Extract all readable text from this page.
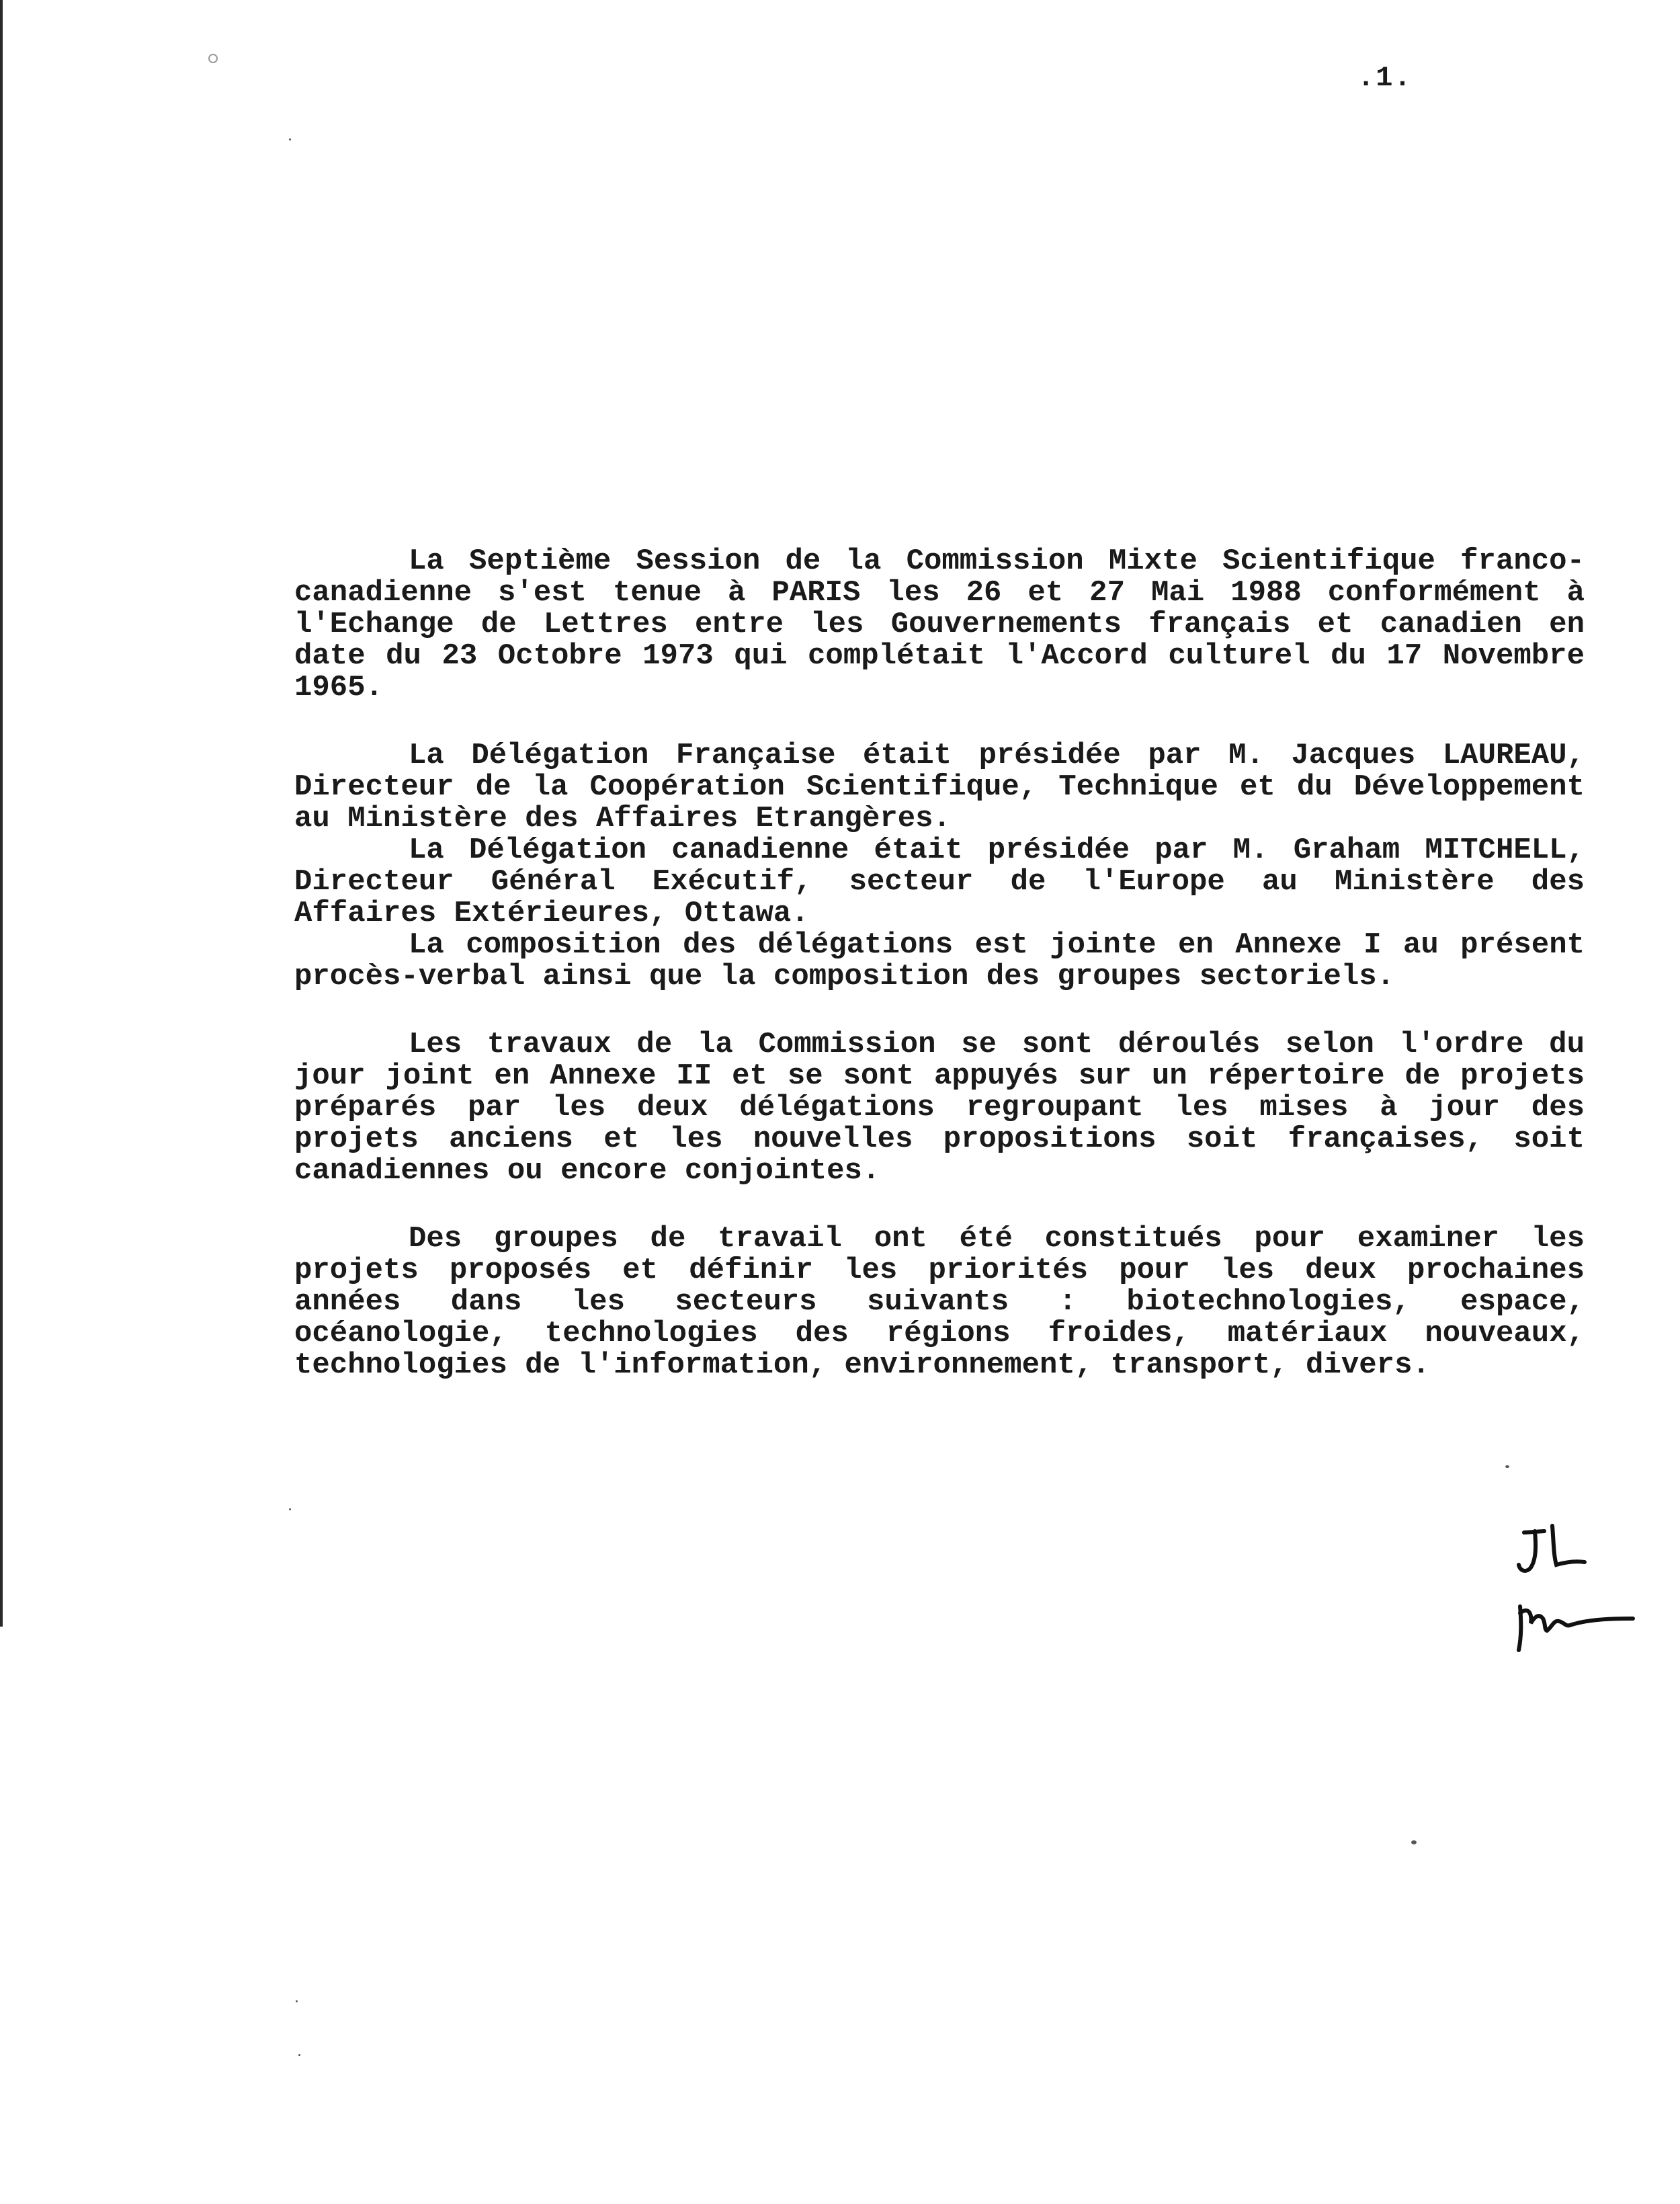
.1.

La Septième Session de la Commission Mixte Scientifique franco-canadienne s'est tenue à PARIS les 26 et 27 Mai 1988 conformément à l'Echange de Lettres entre les Gouvernements français et canadien en date du 23 Octobre 1973 qui complétait l'Accord culturel du 17 Novembre 1965.

La Délégation Française était présidée par M. Jacques LAUREAU, Directeur de la Coopération Scientifique, Technique et du Développement au Ministère des Affaires Etrangères.

La Délégation canadienne était présidée par M. Graham MITCHELL, Directeur Général Exécutif, secteur de l'Europe au Ministère des Affaires Extérieures, Ottawa.

La composition des délégations est jointe en Annexe I au présent procès-verbal ainsi que la composition des groupes sectoriels.

Les travaux de la Commission se sont déroulés selon l'ordre du jour joint en Annexe II et se sont appuyés sur un répertoire de projets préparés par les deux délégations regroupant les mises à jour des projets anciens et les nouvelles propositions soit françaises, soit canadiennes ou encore conjointes.

Des groupes de travail ont été constitués pour examiner les projets proposés et définir les priorités pour les deux prochaines années dans les secteurs suivants : biotechnologies, espace, océanologie, technologies des régions froides, matériaux nouveaux, technologies de l'information, environnement, transport, divers.
